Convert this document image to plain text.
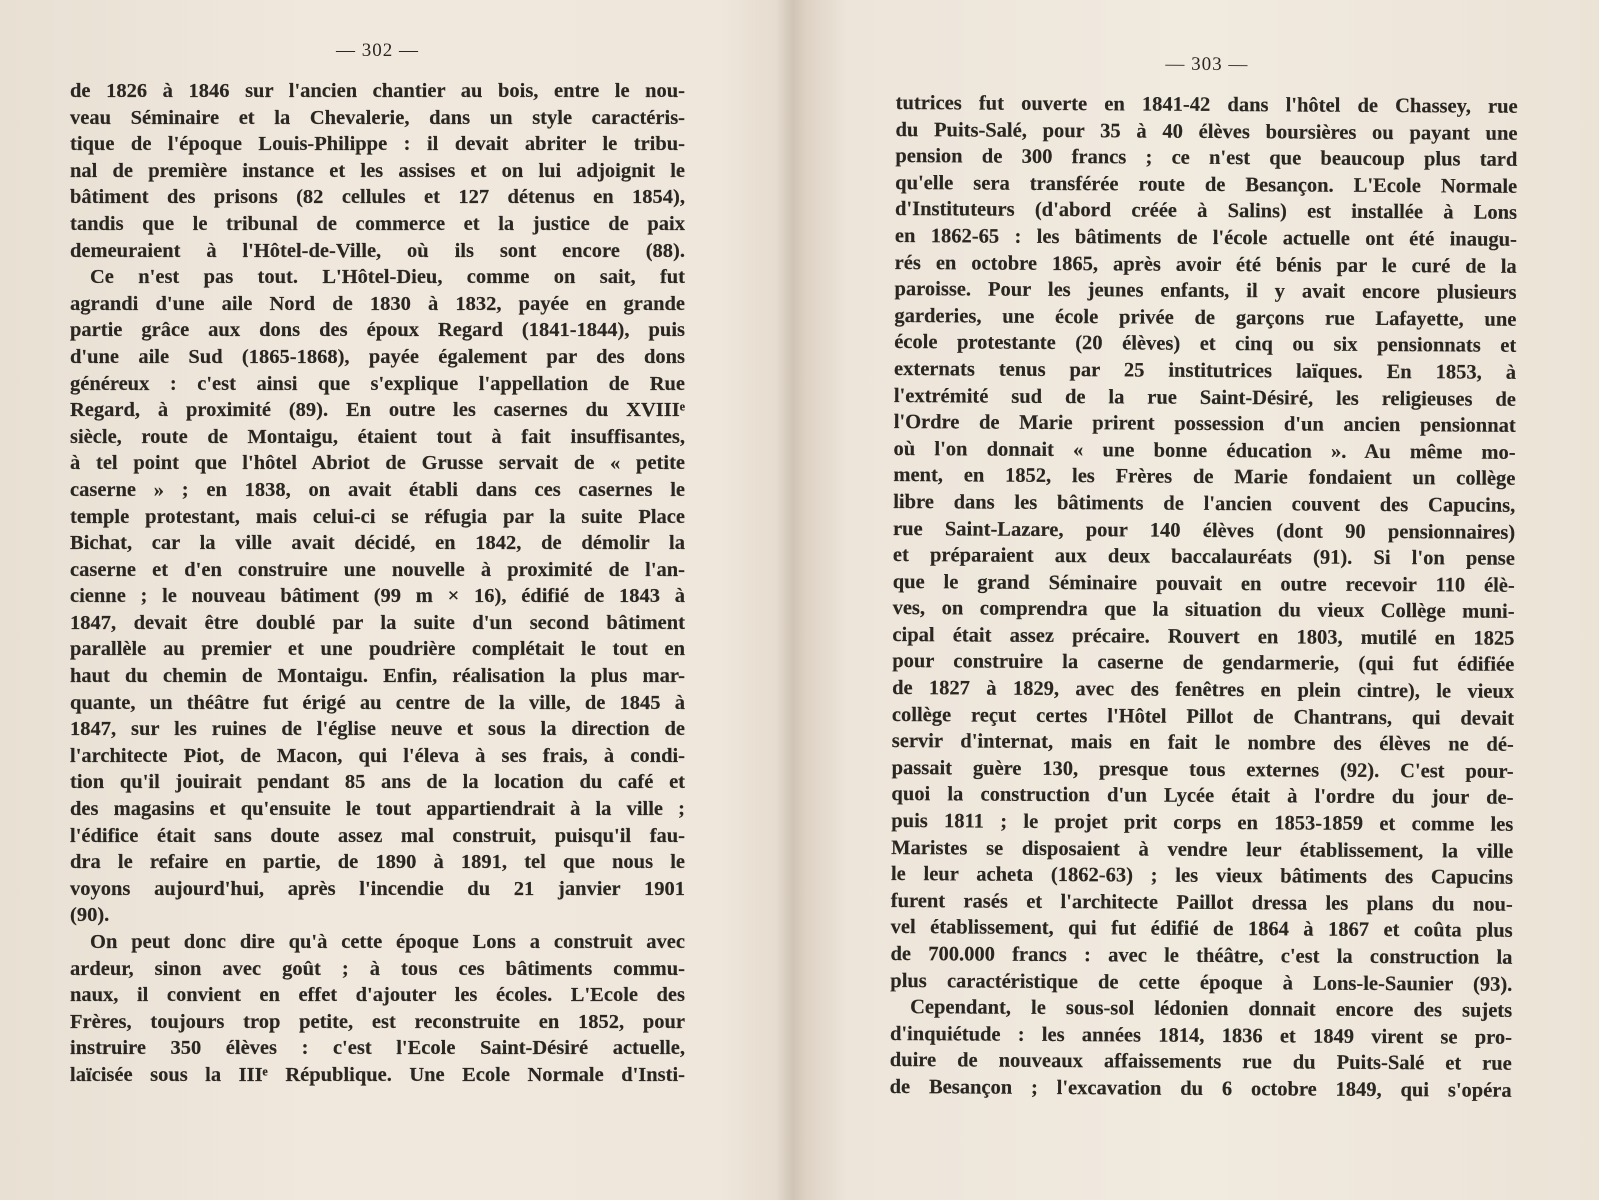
— 302 —
de 1826 à 1846 sur l'ancien chantier au bois, entre le nou-
veau Séminaire et la Chevalerie, dans un style caractéris-
tique de l'époque Louis-Philippe : il devait abriter le tribu-
nal de première instance et les assises et on lui adjoignit le
bâtiment des prisons (82 cellules et 127 détenus en 1854),
tandis que le tribunal de commerce et la justice de paix
demeuraient à l'Hôtel-de-Ville, où ils sont encore (88).
Ce n'est pas tout. L'Hôtel-Dieu, comme on sait, fut
agrandi d'une aile Nord de 1830 à 1832, payée en grande
partie grâce aux dons des époux Regard (1841-1844), puis
d'une aile Sud (1865-1868), payée également par des dons
généreux : c'est ainsi que s'explique l'appellation de Rue
Regard, à proximité (89). En outre les casernes du XVIIIᵉ
siècle, route de Montaigu, étaient tout à fait insuffisantes,
à tel point que l'hôtel Abriot de Grusse servait de « petite
caserne » ; en 1838, on avait établi dans ces casernes le
temple protestant, mais celui-ci se réfugia par la suite Place
Bichat, car la ville avait décidé, en 1842, de démolir la
caserne et d'en construire une nouvelle à proximité de l'an-
cienne ; le nouveau bâtiment (99 m × 16), édifié de 1843 à
1847, devait être doublé par la suite d'un second bâtiment
parallèle au premier et une poudrière complétait le tout en
haut du chemin de Montaigu. Enfin, réalisation la plus mar-
quante, un théâtre fut érigé au centre de la ville, de 1845 à
1847, sur les ruines de l'église neuve et sous la direction de
l'architecte Piot, de Macon, qui l'éleva à ses frais, à condi-
tion qu'il jouirait pendant 85 ans de la location du café et
des magasins et qu'ensuite le tout appartiendrait à la ville ;
l'édifice était sans doute assez mal construit, puisqu'il fau-
dra le refaire en partie, de 1890 à 1891, tel que nous le
voyons aujourd'hui, après l'incendie du 21 janvier 1901
(90).
On peut donc dire qu'à cette époque Lons a construit avec
ardeur, sinon avec goût ; à tous ces bâtiments commu-
naux, il convient en effet d'ajouter les écoles. L'Ecole des
Frères, toujours trop petite, est reconstruite en 1852, pour
instruire 350 élèves : c'est l'Ecole Saint-Désiré actuelle,
laïcisée sous la IIIᵉ République. Une Ecole Normale d'Insti-
— 303 —
tutrices fut ouverte en 1841-42 dans l'hôtel de Chassey, rue
du Puits-Salé, pour 35 à 40 élèves boursières ou payant une
pension de 300 francs ; ce n'est que beaucoup plus tard
qu'elle sera transférée route de Besançon. L'Ecole Normale
d'Instituteurs (d'abord créée à Salins) est installée à Lons
en 1862-65 : les bâtiments de l'école actuelle ont été inaugu-
rés en octobre 1865, après avoir été bénis par le curé de la
paroisse. Pour les jeunes enfants, il y avait encore plusieurs
garderies, une école privée de garçons rue Lafayette, une
école protestante (20 élèves) et cinq ou six pensionnats et
externats tenus par 25 institutrices laïques. En 1853, à
l'extrémité sud de la rue Saint-Désiré, les religieuses de
l'Ordre de Marie prirent possession d'un ancien pensionnat
où l'on donnait « une bonne éducation ». Au même mo-
ment, en 1852, les Frères de Marie fondaient un collège
libre dans les bâtiments de l'ancien couvent des Capucins,
rue Saint-Lazare, pour 140 élèves (dont 90 pensionnaires)
et préparaient aux deux baccalauréats (91). Si l'on pense
que le grand Séminaire pouvait en outre recevoir 110 élè-
ves, on comprendra que la situation du vieux Collège muni-
cipal était assez précaire. Rouvert en 1803, mutilé en 1825
pour construire la caserne de gendarmerie, (qui fut édifiée
de 1827 à 1829, avec des fenêtres en plein cintre), le vieux
collège reçut certes l'Hôtel Pillot de Chantrans, qui devait
servir d'internat, mais en fait le nombre des élèves ne dé-
passait guère 130, presque tous externes (92). C'est pour-
quoi la construction d'un Lycée était à l'ordre du jour de-
puis 1811 ; le projet prit corps en 1853-1859 et comme les
Maristes se disposaient à vendre leur établissement, la ville
le leur acheta (1862-63) ; les vieux bâtiments des Capucins
furent rasés et l'architecte Paillot dressa les plans du nou-
vel établissement, qui fut édifié de 1864 à 1867 et coûta plus
de 700.000 francs : avec le théâtre, c'est la construction la
plus caractéristique de cette époque à Lons-le-Saunier (93).
Cependant, le sous-sol lédonien donnait encore des sujets
d'inquiétude : les années 1814, 1836 et 1849 virent se pro-
duire de nouveaux affaissements rue du Puits-Salé et rue
de Besançon ; l'excavation du 6 octobre 1849, qui s'opéra
